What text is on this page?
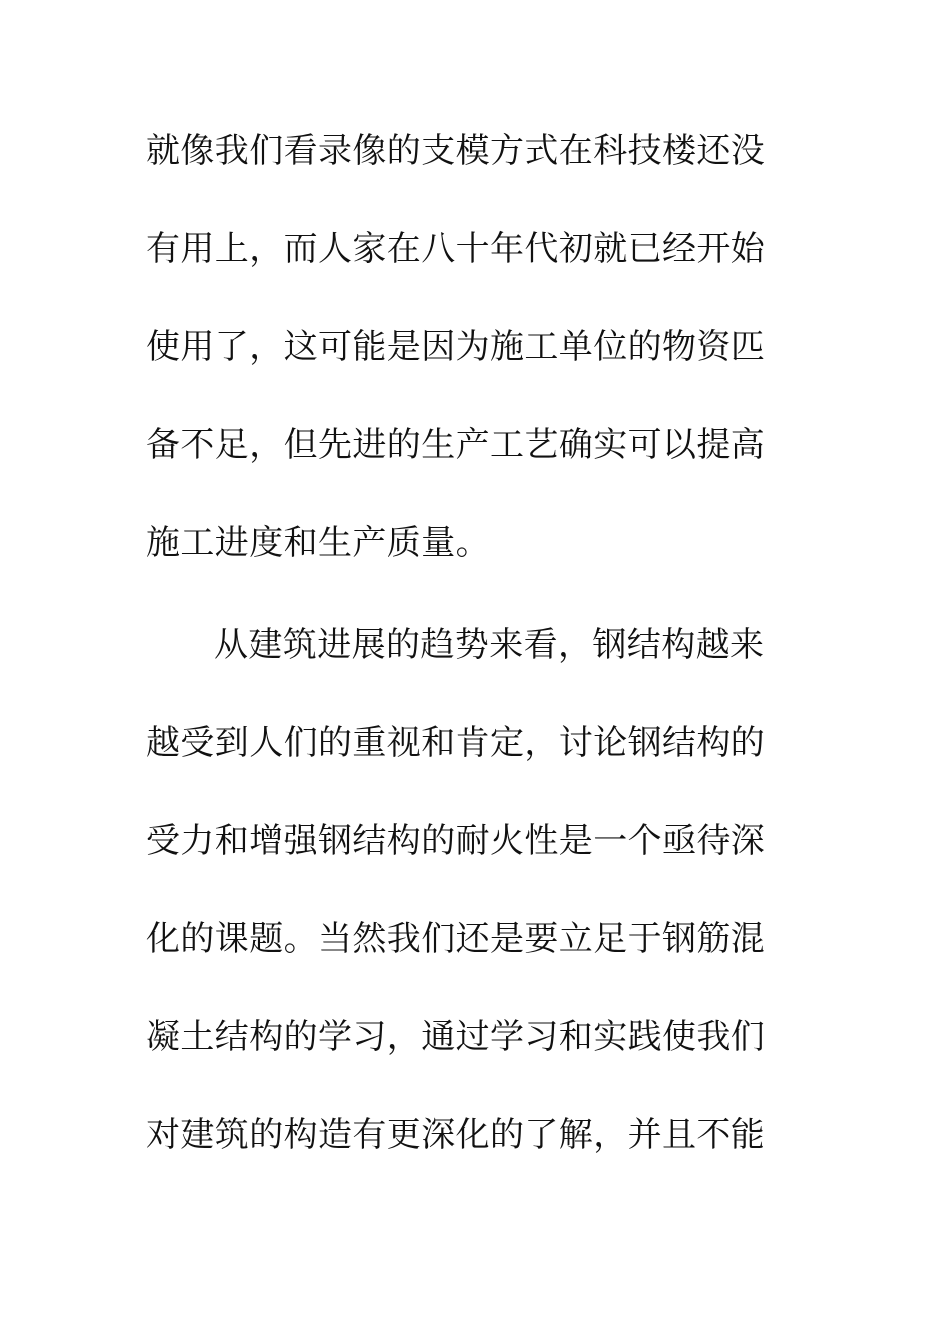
就像我们看录像的支模方式在科技楼还没
有用上，而人家在八十年代初就已经开始
使用了，这可能是因为施工单位的物资匹
备不足，但先进的生产工艺确实可以提高
施工进度和生产质量。
从建筑进展的趋势来看，钢结构越来
越受到人们的重视和肯定，讨论钢结构的
受力和增强钢结构的耐火性是一个亟待深
化的课题。当然我们还是要立足于钢筋混
凝土结构的学习，通过学习和实践使我们
对建筑的构造有更深化的了解，并且不能
